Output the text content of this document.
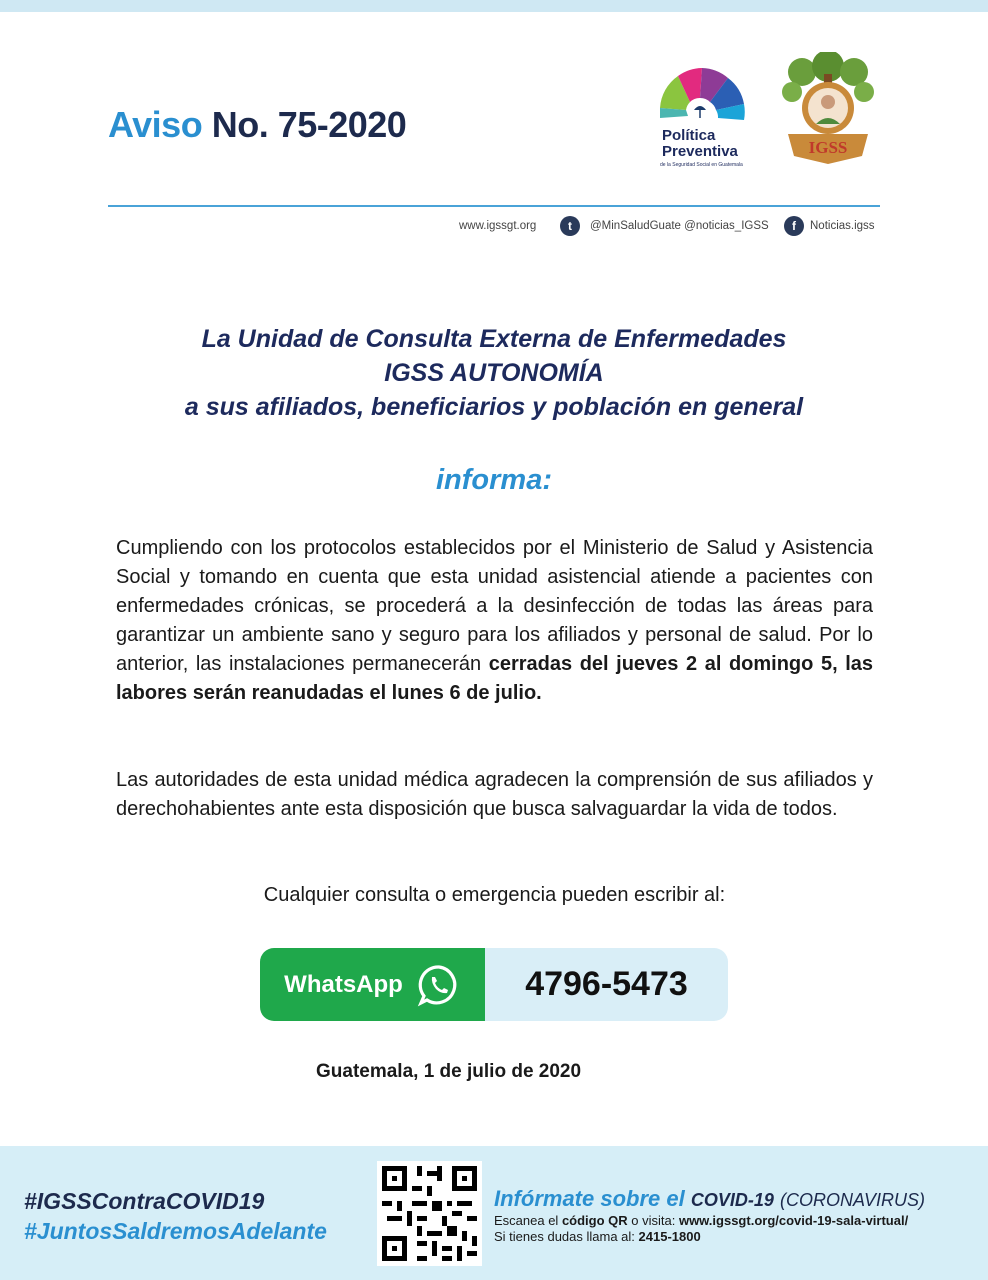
Aviso No. 75-2020	Política
Preventiva
de la Seguridad Social en Guatemala
IGSS
www.igssgt.org	t	@MinSaludGuate @noticias_IGSS	f	Noticias.igss
La Unidad de Consulta Externa de Enfermedades
IGSS AUTONOMÍA
a sus afiliados, beneficiarios y población en general
informa:
Cumpliendo con los protocolos establecidos por el Ministerio de Salud y Asistencia Social y tomando en cuenta que esta unidad asistencial atiende a pacientes con enfermedades crónicas, se procederá a la desinfección de todas las áreas para garantizar un ambiente sano y seguro para los afiliados y personal de salud. Por lo anterior, las instalaciones permanecerán cerradas del jueves 2 al domingo 5, las labores serán reanudadas el lunes 6 de julio.
Las autoridades de esta unidad médica agradecen la comprensión de sus afiliados y derechohabientes ante esta disposición que busca salvaguardar la vida de todos.
Cualquier consulta o emergencia pueden escribir al:
WhatsApp	4796-5473
Guatemala, 1 de julio de 2020
#IGSSContraCOVID19
#JuntosSaldremosAdelante
Infórmate sobre el COVID-19 (CORONAVIRUS)
Escanea el código QR o visita: www.igssgt.org/covid-19-sala-virtual/
Si tienes dudas llama al: 2415-1800
